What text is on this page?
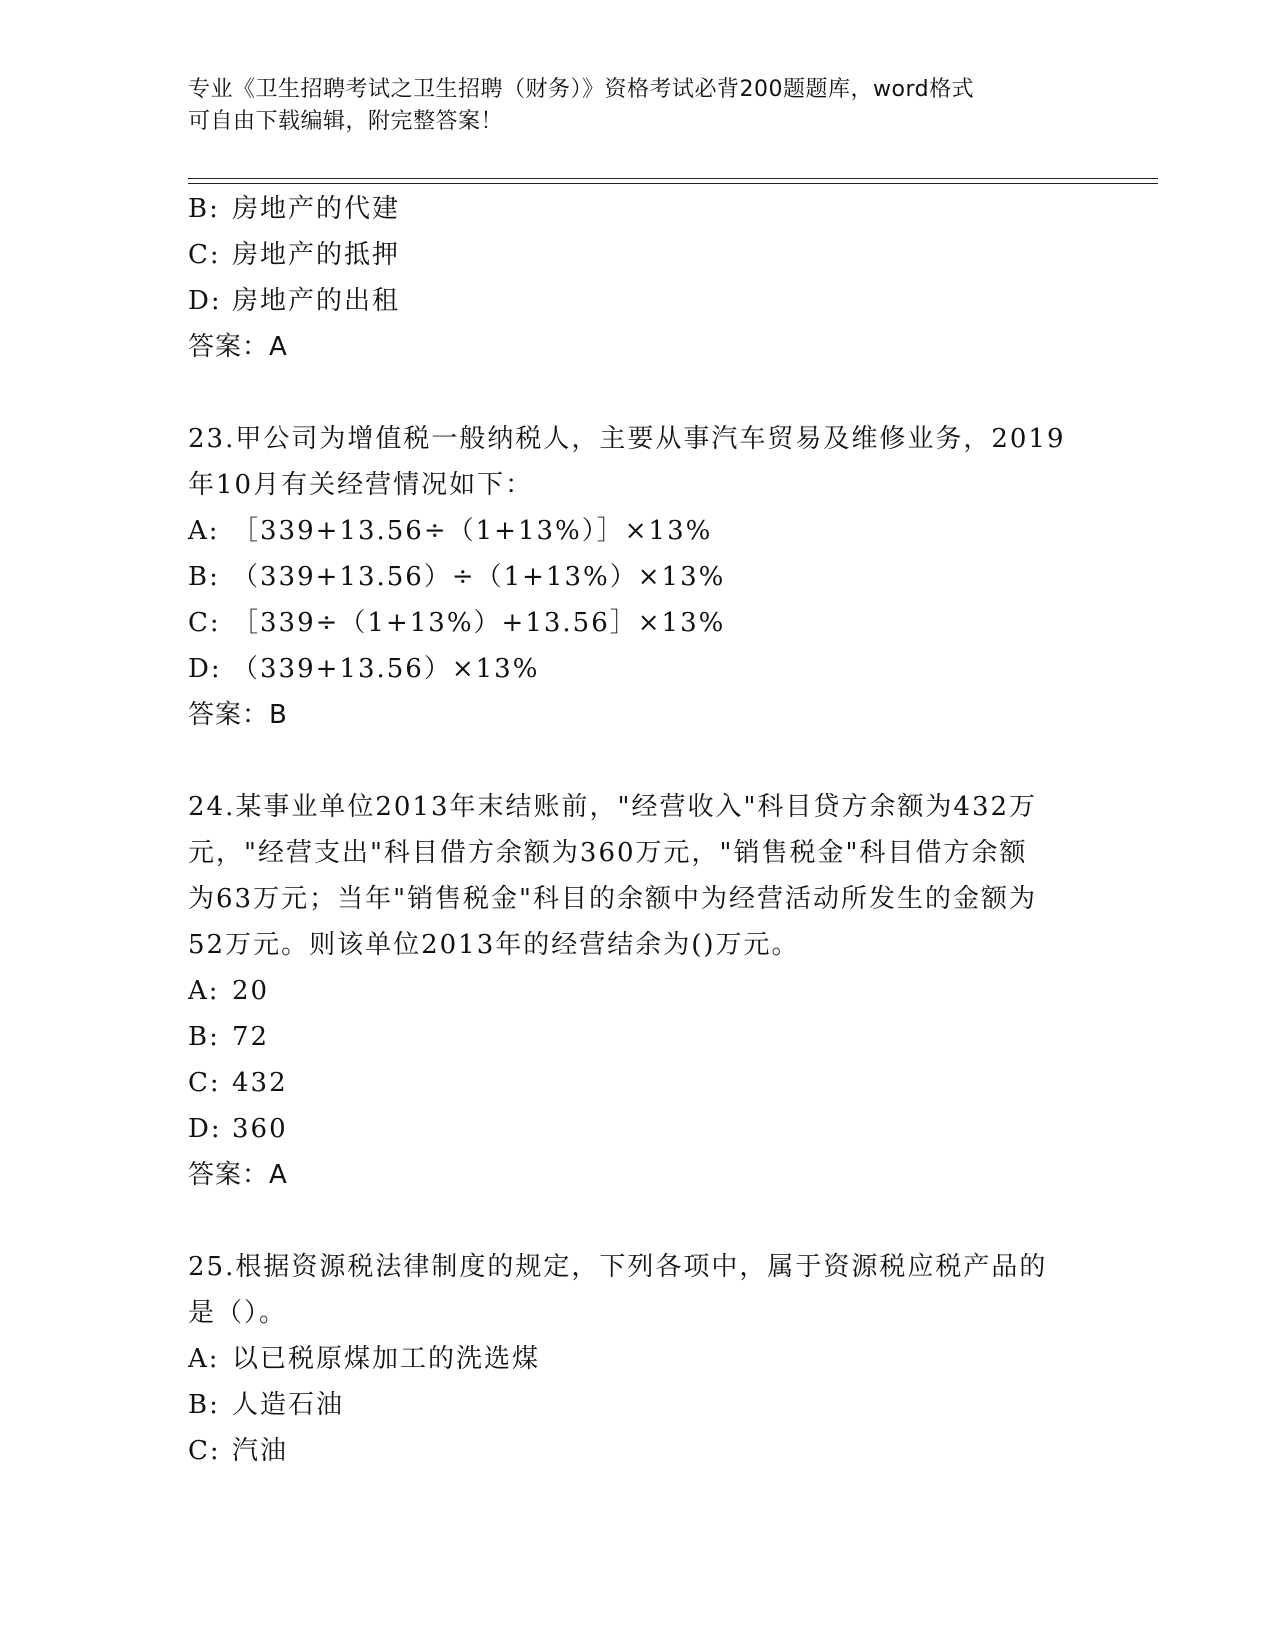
专业《卫生招聘考试之卫生招聘（财务）》资格考试必背200题题库，word格式
可自由下载编辑，附完整答案！
B: 房地产的代建
C: 房地产的抵押
D: 房地产的出租
答案：A
23.甲公司为增值税一般纳税人，主要从事汽车贸易及维修业务，2019
年10月有关经营情况如下：
A: ［339+13.56÷（1+13%）］×13%
B: （339+13.56）÷（1+13%）×13%
C: ［339÷（1+13%）+13.56］×13%
D: （339+13.56）×13%
答案：B
24.某事业单位2013年末结账前，"经营收入"科目贷方余额为432万
元，"经营支出"科目借方余额为360万元，"销售税金"科目借方余额
为63万元；当年"销售税金"科目的余额中为经营活动所发生的金额为
52万元。则该单位2013年的经营结余为()万元。
A: 20
B: 72
C: 432
D: 360
答案：A
25.根据资源税法律制度的规定，下列各项中，属于资源税应税产品的
是（）。
A: 以已税原煤加工的洗选煤
B: 人造石油
C: 汽油
